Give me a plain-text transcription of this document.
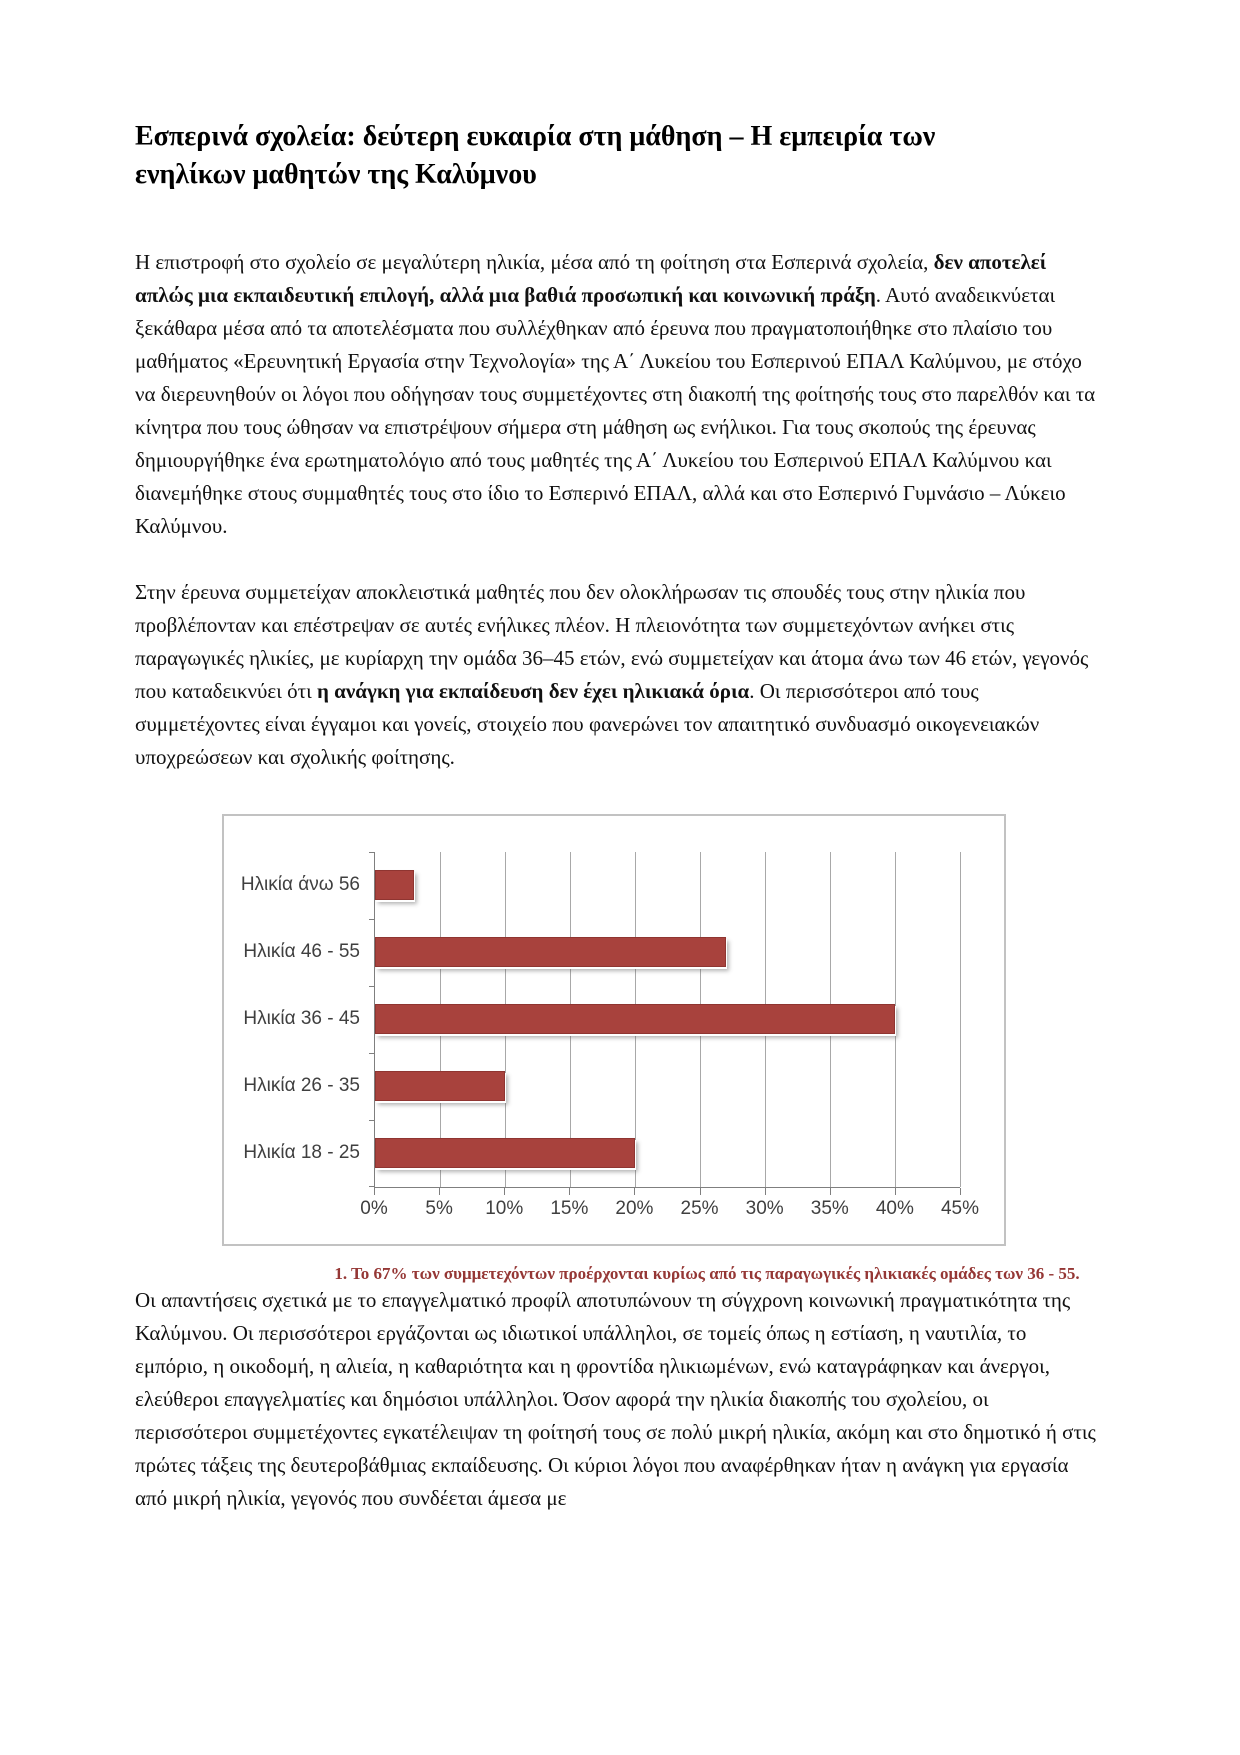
Εσπερινά σχολεία: δεύτερη ευκαιρία στη μάθηση – Η εμπειρία των ενηλίκων μαθητών της Καλύμνου

Η επιστροφή στο σχολείο σε μεγαλύτερη ηλικία, μέσα από τη φοίτηση στα Εσπερινά σχολεία, δεν αποτελεί απλώς μια εκπαιδευτική επιλογή, αλλά μια βαθιά προσωπική και κοινωνική πράξη. Αυτό αναδεικνύεται ξεκάθαρα μέσα από τα αποτελέσματα που συλλέχθηκαν από έρευνα που πραγματοποιήθηκε στο πλαίσιο του μαθήματος «Ερευνητική Εργασία στην Τεχνολογία» της Α΄ Λυκείου του Εσπερινού ΕΠΑΛ Καλύμνου, με στόχο να διερευνηθούν οι λόγοι που οδήγησαν τους συμμετέχοντες στη διακοπή της φοίτησής τους στο παρελθόν και τα κίνητρα που τους ώθησαν να επιστρέψουν σήμερα στη μάθηση ως ενήλικοι. Για τους σκοπούς της έρευνας δημιουργήθηκε ένα ερωτηματολόγιο από τους μαθητές της Α΄ Λυκείου του Εσπερινού ΕΠΑΛ Καλύμνου και διανεμήθηκε στους συμμαθητές τους στο ίδιο το Εσπερινό ΕΠΑΛ, αλλά και στο Εσπερινό Γυμνάσιο – Λύκειο Καλύμνου.

Στην έρευνα συμμετείχαν αποκλειστικά μαθητές που δεν ολοκλήρωσαν τις σπουδές τους στην ηλικία που προβλέπονταν και επέστρεψαν σε αυτές ενήλικες πλέον. Η πλειονότητα των συμμετεχόντων ανήκει στις παραγωγικές ηλικίες, με κυρίαρχη την ομάδα 36–45 ετών, ενώ συμμετείχαν και άτομα άνω των 46 ετών, γεγονός που καταδεικνύει ότι η ανάγκη για εκπαίδευση δεν έχει ηλικιακά όρια. Οι περισσότεροι από τους συμμετέχοντες είναι έγγαμοι και γονείς, στοιχείο που φανερώνει τον απαιτητικό συνδυασμό οικογενειακών υποχρεώσεων και σχολικής φοίτησης.

Ηλικία άνω 56
Ηλικία 46 - 55
Ηλικία 36 - 45
Ηλικία 26 - 35
Ηλικία 18 - 25
0% 5% 10% 15% 20% 25% 30% 35% 40% 45%
1. Το 67% των συμμετεχόντων προέρχονται κυρίως από τις παραγωγικές ηλικιακές ομάδες των 36 - 55.

Οι απαντήσεις σχετικά με το επαγγελματικό προφίλ αποτυπώνουν τη σύγχρονη κοινωνική πραγματικότητα της Καλύμνου. Οι περισσότεροι εργάζονται ως ιδιωτικοί υπάλληλοι, σε τομείς όπως η εστίαση, η ναυτιλία, το εμπόριο, η οικοδομή, η αλιεία, η καθαριότητα και η φροντίδα ηλικιωμένων, ενώ καταγράφηκαν και άνεργοι, ελεύθεροι επαγγελματίες και δημόσιοι υπάλληλοι. Όσον αφορά την ηλικία διακοπής του σχολείου, οι περισσότεροι συμμετέχοντες εγκατέλειψαν τη φοίτησή τους σε πολύ μικρή ηλικία, ακόμη και στο δημοτικό ή στις πρώτες τάξεις της δευτεροβάθμιας εκπαίδευσης. Οι κύριοι λόγοι που αναφέρθηκαν ήταν η ανάγκη για εργασία από μικρή ηλικία, γεγονός που συνδέεται άμεσα με
